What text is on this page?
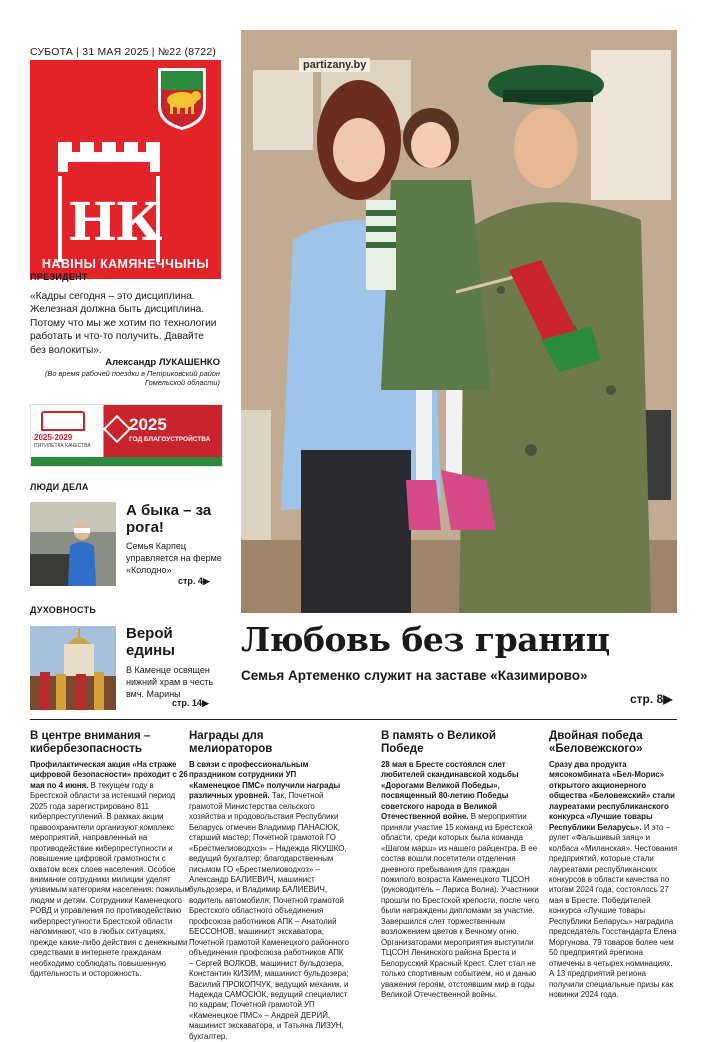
СУБОТА | 31 МАЯ 2025 | №22 (8722)
НК
НАВІНЫ КАМЯНЕЧЧЫНЫ
ПРЕЗИДЕНТ
«Кадры сегодня – это дисциплина. Железная должна быть дисциплина. Потому что мы же хотим по технологии работать и что-то получить. Давайте без волокиты».
Александр ЛУКАШЕНКО
(Во время рабочей поездки в Петриковский район Гомельской области)
2025-2029
ПЯТИЛЕТКА КАЧЕСТВА
2025
ГОД БЛАГОУСТРОЙСТВА
ЛЮДИ ДЕЛА
А быка – за рога!
Семья Карпец управляется на ферме «Колодно»
стр. 4▶
ДУХОВНОСТЬ
Верой едины
В Каменце освящен нижний храм в честь вмч. Марины
стр. 14▶
partizany.by
Любовь без границ
Семья Артеменко служит на заставе «Казимирово»
стр. 8▶
В центре внимания – кибербезопасность

Профилактическая акция «На страже цифровой безопасности» проходит с 26 мая по 4 июня. В текущем году в Брестской области за истекший период 2025 года зарегистрировано 811 киберпреступлений. В рамках акции правоохранители организуют комплекс мероприятий, направленный на противодействие киберпреступности и повышение цифровой грамотности с охватом всех слоев населения. Особое внимание сотрудники милиции уделят уязвимым категориям населения: пожилым людям и детям. Сотрудники Каменецкого РОВД и управления по противодействию киберпреступности Брестской области напоминают, что в любых ситуациях, прежде какие-либо действия с денежными средствами в интернете гражданам необходимо соблюдать повышенную бдительность и осторожность.

Награды для мелиораторов

В связи с профессиональным праздником сотрудники УП «Каменецкое ПМС» получили награды различных уровней. Так, Почетной грамотой Министерства сельского хозяйства и продовольствия Республики Беларусь отмечен Владимир ПАНАСЮК, старший мастер; Почетной грамотой ГО «Брестмелиоводхоз» – Надежда ЯКУШКО, ведущий бухгалтер; благодарственным письмом ГО «Брестмелиоводхоз» – Александр БАЛИЕВИЧ, машинист бульдозера, и Владимир БАЛИЕВИЧ, водитель автомобиля; Почетной грамотой Брестского областного объединения профсоюза работников АПК – Анатолий БЕССОНОВ, машинист экскаватора; Почетной грамотой Каменецкого районного объединения профсоюза работников АПК – Сергей ВОЛКОВ, машинист бульдозера, Константин КИЗИМ, машинист бульдозера; Василий ПРОКОПЧУК, ведущий механик, и Надежда САМОСЮК, ведущий специалист по кадрам; Почетной грамотой УП «Каменецкое ПМС» – Андрей ДЕРИЙ, машинист экскаватора, и Татьяна ЛИЗУН, бухгалтер.

В память о Великой Победе

28 мая в Бресте состоялся слет любителей скандинавской ходьбы «Дорогами Великой Победы», посвященный 80-летию Победы советского народа в Великой Отечественной войне. В мероприятии приняли участие 15 команд из Брестской области, среди которых была команда «Шагом марш» из нашего райцентра. В ее состав вошли посетители отделения дневного пребывания для граждан пожилого возраста Каменецкого ТЦСОН (руководитель – Лариса Волна). Участники прошли по Брестской крепости, после чего были награждены дипломами за участие. Завершился слет торжественным возложением цветов к Вечному огню. Организаторами мероприятия выступили ТЦСОН Ленинского района Бреста и Белорусский Красный Крест. Слет стал не только спортивным событием, но и данью уважения героям, отстоявшим мир в годы Великой Отечественной войны.

Двойная победа «Беловежского»

Сразу два продукта мясокомбината «Бел-Морис» открытого акционерного общества «Беловежский» стали лауреатами республиканского конкурса «Лучшие товары Республики Беларусь». И это – рулет «Фальшивый заяц» и колбаса «Миланская». Честования предприятий, которые стали лауреатами республиканских конкурсов в области качества по итогам 2024 года, состоялось 27 мая в Бресте. Победителей конкурса «Лучшие товары Республики Беларусь» наградила председатель Госстандарта Елена Моргунова. 79 товаров более чем 50 предприятий #региона отмечены в четырех номинациях. А 13 предприятий региона получили специальные призы как новинки 2024 года.
